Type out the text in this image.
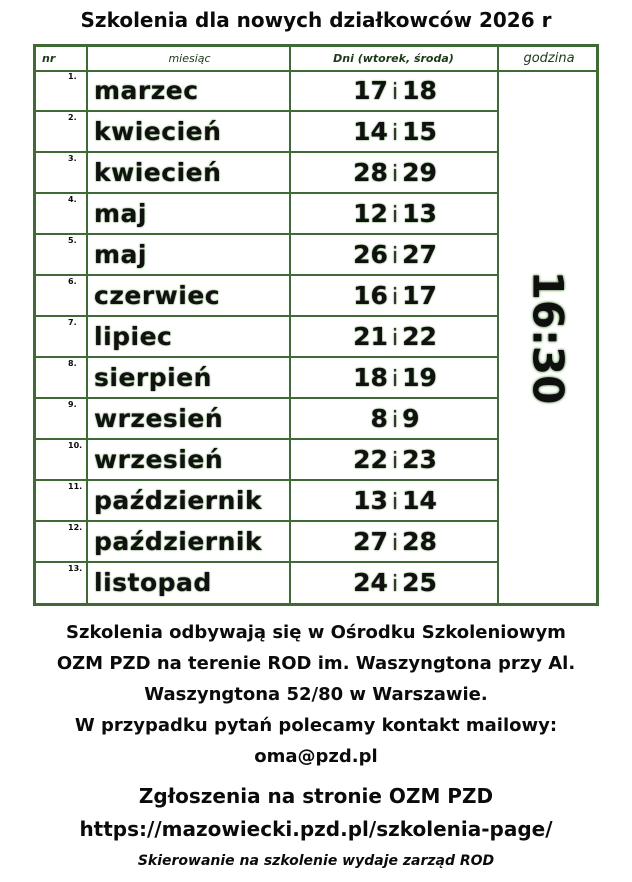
Szkolenia dla nowych działkowców 2026 r
nr	miesiąc	Dni (wtorek, środa)	godzina
16:30
1. marzec	17 i 18
2. kwiecień	14 i 15
3. kwiecień	28 i 29
4. maj	12 i 13
5. maj	26 i 27
6. czerwiec	16 i 17
7. lipiec	21 i 22
8. sierpień	18 i 19
9. wrzesień	8 i 9
10. wrzesień	22 i 23
11. październik	13 i 14
12. październik	27 i 28
13. listopad	24 i 25
Szkolenia odbywają się w Ośrodku Szkoleniowym
OZM PZD na terenie ROD im. Waszyngtona przy Al.
Waszyngtona 52/80 w Warszawie.
W przypadku pytań polecamy kontakt mailowy:
oma@pzd.pl
Zgłoszenia na stronie OZM PZD
https://mazowiecki.pzd.pl/szkolenia-page/
Skierowanie na szkolenie wydaje zarząd ROD
